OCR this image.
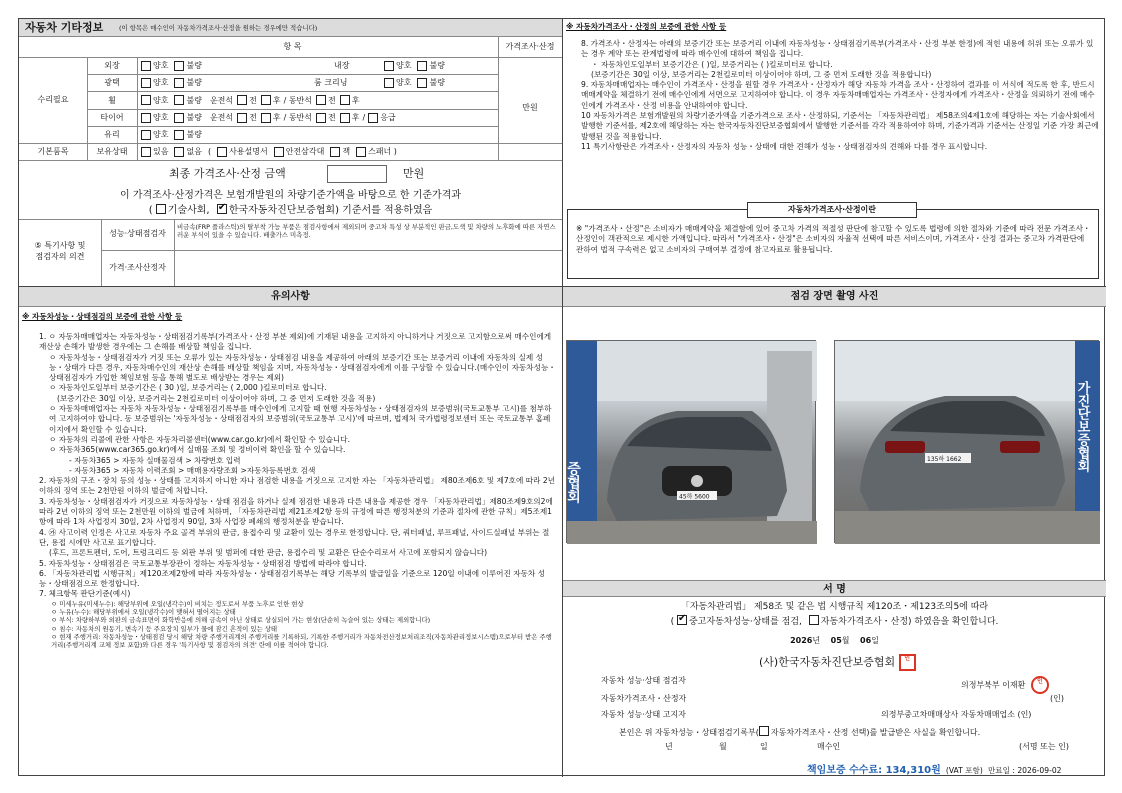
자동차 기타정보 (이 항목은 매수인이 자동차가격조사·산정을 원하는 경우에만 적습니다)
항 목	가격조사·산정
수리필요
만원
외장	양호 불량	내장	양호 불량
광택	양호 불량	룸 크리닝	양호 불량
휠	양호 불량 운전석 전 후 / 동반석 전 후
타이어	양호 불량 운전석 전 후 / 동반석 전 후 / 응급
유리	양호 불량
기본품목	보유상태	있음 없음 ( 사용설명서 안전삼각대 잭 스패너 )
최종 가격조사·산정 금액	만원
이 가격조사·산정가격은 보험개발원의 차량기준가액을 바탕으로 한 기준가격과
( 기술사회, ✔ 한국자동차진단보증협회) 기준서를 적용하였음
⑤ 특기사항 및
점검자의 의견
성능·상태점검자
비금속(FRP 플라스틱)의 탈부착 가능 부품은 점검사항에서 제외되며 중고차 특성 상 부분적인 판금,도색 및 차량의 노후화에 따른 자연스러운 부식이 있을 수 있습니다. 배출가스 미측정.
가격·조사산정자
※ 자동차가격조사・산정의 보증에 관한 사항 등
8. 가격조사・산정자는 아래의 보증기간 또는 보증거리 이내에 자동차성능・상태점검기록부(가격조사・산정 부분 한정)에 적힌 내용에 허위 또는 오류가 있는 경우 계약 또는 관계법령에 따라 매수인에 대하여 책임을 집니다.
・ 자동차인도일부터 보증기간은 ( )일, 보증거리는 ( )킬로미터로 합니다.
(보증기간은 30일 이상, 보증거리는 2천킬로미터 이상이어야 하며, 그 중 먼저 도래한 것을 적용합니다)
9. 자동차매매업자는 매수인이 가격조사・산정을 원할 경우 가격조사・산정자가 해당 자동차 가격을 조사・산정하여 결과를 이 서식에 적도록 한 후, 반드시 매매계약을 체결하기 전에 매수인에게 서면으로 고지하여야 합니다. 이 경우 자동차매매업자는 가격조사・산정자에게 가격조사・산정을 의뢰하기 전에 매수인에게 가격조사・산정 비용을 안내하여야 합니다.
10 자동차가격은 보험개발원의 차량기준가액을 기준가격으로 조사・산정하되, 기준서는 「자동차관리법」 제58조의4제1호에 해당하는 자는 기술사회에서 발행한 기준서를, 제2호에 해당하는 자는 한국자동차진단보증협회에서 발행한 기준서를 각각 적용하여야 하며, 기준가격과 기준서는 산정일 기준 가장 최근에 발행된 것을 적용합니다.
11 특기사항란은 가격조사・산정자의 자동차 성능・상태에 대한 견해가 성능・상태점검자의 견해와 다를 경우 표시합니다.
자동차가격조사·산정이란
※ "가격조사・산정"은 소비자가 매매계약을 체결함에 있어 중고차 가격의 적절성 판단에 참고할 수 있도록 법령에 의한 절차와 기준에 따라 전문 가격조사・산정인이 객관적으로 제시한 가액입니다. 따라서 "가격조사・산정"은 소비자의 자율적 선택에 따른 서비스이며, 가격조사・산정 결과는 중고차 가격판단에 관하여 법적 구속력은 없고 소비자의 구매여부 결정에 참고자료로 활용됩니다.
유의사항
※ 자동차성능・상태점검의 보증에 관한 사항 등
1. ㅇ 자동차매매업자는 자동차성능・상태점검기록부(가격조사・산정 부분 제외)에 기재된 내용을 고지하지 아니하거나 거짓으로 고지함으로써 매수인에게 재산상 손해가 발생한 경우에는 그 손해를 배상할 책임을 집니다.
ㅇ 자동차성능・상태점검자가 거짓 또는 오류가 있는 자동차성능・상태점검 내용을 제공하여 아래의 보증기간 또는 보증거리 이내에 자동차의 실제 성능・상태가 다른 경우, 자동차매수인의 재산상 손해를 배상할 책임을 지며, 자동차성능・상태점검자에게 이를 구상할 수 있습니다.(매수인이 자동차성능・상태점검자가 가입한 책임보험 등을 통해 별도로 배상받는 경우는 제외)
ㅇ 자동차인도일부터 보증기간은 ( 30 )일, 보증거리는 ( 2,000 )킬로미터로 합니다.
(보증기간은 30일 이상, 보증거리는 2천킬로미터 이상이어야 하며, 그 중 먼저 도래한 것을 적용)
ㅇ 자동차매매업자는 자동차 자동차성능・상태점검기록부를 매수인에게 고지할 때 현행 자동차성능・상태점검자의 보증범위(국토교통부 고시)를 첨부하여 고지하여야 합니다. 동 보증범위는 '자동차성능・상태점검자의 보증범위(국토교통부 고시)'에 따르며, 법제처 국가법령정보센터 또는 국토교통부 홈페이지에서 확인할 수 있습니다.
ㅇ 자동차의 리콜에 관한 사항은 자동차리콜센터(www.car.go.kr)에서 확인할 수 있습니다.
ㅇ 자동차365(www.car365.go.kr)에서 실매물 조회 및 정비이력 확인을 할 수 있습니다.
- 자동차365 > 자동차 실매물검색 > 차량번호 입력
- 자동차365 > 자동차 이력조회 > 매매용자량조회 >자동차등록번호 검색
2. 자동차의 구조・장치 등의 성능・상태를 고지하지 아니한 자나 점검한 내용을 거짓으로 고지한 자는 「자동차관리법」 제80조제6호 및 제7호에 따라 2년 이하의 징역 또는 2천만원 이하의 벌금에 처합니다.
3. 자동차성능・상태점검자가 거짓으로 자동차성능・상태 점검을 하거나 실제 점검한 내용과 다른 내용을 제공한 경우 「자동차관리법」제80조제9호의2에 따라 2년 이하의 징역 또는 2천만원 이하의 벌금에 처하며, 「자동차관리법 제21조제2항 등의 규정에 따른 행정처분의 기준과 절차에 관한 규칙」제5조제1항에 따라 1차 사업정지 30일, 2차 사업정지 90일, 3차 사업장 폐쇄의 행정처분을 받습니다.
4. ㉮ 사고이력 인정은 사고로 자동차 주요 골격 부위의 판금, 용접수리 및 교환이 있는 경우로 한정합니다. 단, 쿼터패널, 루프패널, 사이드실패널 부위는 절단, 용접 시에만 사고로 표기합니다.
(후드, 프론트펜더, 도어, 트렁크리드 등 외판 부위 및 범퍼에 대한 판금, 용접수리 및 교환은 단순수리로서 사고에 포함되지 않습니다)
5. 자동차성능・상태점검은 국토교통부장관이 정하는 자동차성능・상태점검 방법에 따라야 합니다.
6. 「자동차관리법 시행규칙」제120조제2항에 따라 자동차성능・상태점검기록부는 해당 기록부의 발급일을 기준으로 120일 이내에 이루어진 자동차 성능・상태점검으로 한정합니다.
7. 체크항목 판단기준(예시)
ㅇ 미세누유(미세누수): 해당부위에 오일(냉각수)이 비치는 정도로서 부품 노후로 인한 현상
ㅇ 누유(누수): 해당부위에서 오일(냉각수)이 맺혀서 떨어지는 상태
ㅇ 부식: 차량하부와 외판의 금속표면이 화학반응에 의해 금속이 아닌 상태로 상실되어 가는 현상(단순히 녹슬어 있는 상태는 제외합니다)
ㅇ 침수: 자동차의 원동기, 변속기 등 주요장치 일부가 물에 잠긴 흔적이 있는 상태
ㅇ 현재 주행거리: 자동차성능・상태점검 당시 해당 차량 주행거리계의 주행거리를 기록하되, 기록한 주행거리가 자동차전산정보처리조직(자동차관리정보시스템)으로부터 받은 주행거리(주행거리계 교체 정보 포함)와 다른 경우 '특기사항 및 점검자의 의견' 란에 이를 적어야 합니다.
점검 장면 촬영 사진
증협회	45하 5600
가진단보증협회
135하 1662
서 명
「자동차관리법」 제58조 및 같은 법 시행규칙 제120조・제123조의5에 따라
( ✔ 중고자동차성능·상태를 점검, 자동차가격조사・산정) 하였음을 확인합니다.
2026년 05월 06일
(사)한국자동차진단보증협회 인
자동차 성능·상태 점검자	의정부북부 이재환 인
자동차가격조사・산정자	(인)
자동차 성능·상태 고지자	의정부중고차매매상사 자동차매매업소 (인)
본인은 위 자동차성능・상태점검기록부( 자동차가격조사・산정 선택)를 발급받은 사실을 확인합니다.
년	월	일	매수인	(서명 또는 인)
책임보증 수수료: 134,310원 (VAT 포함) 만료일 : 2026-09-02
